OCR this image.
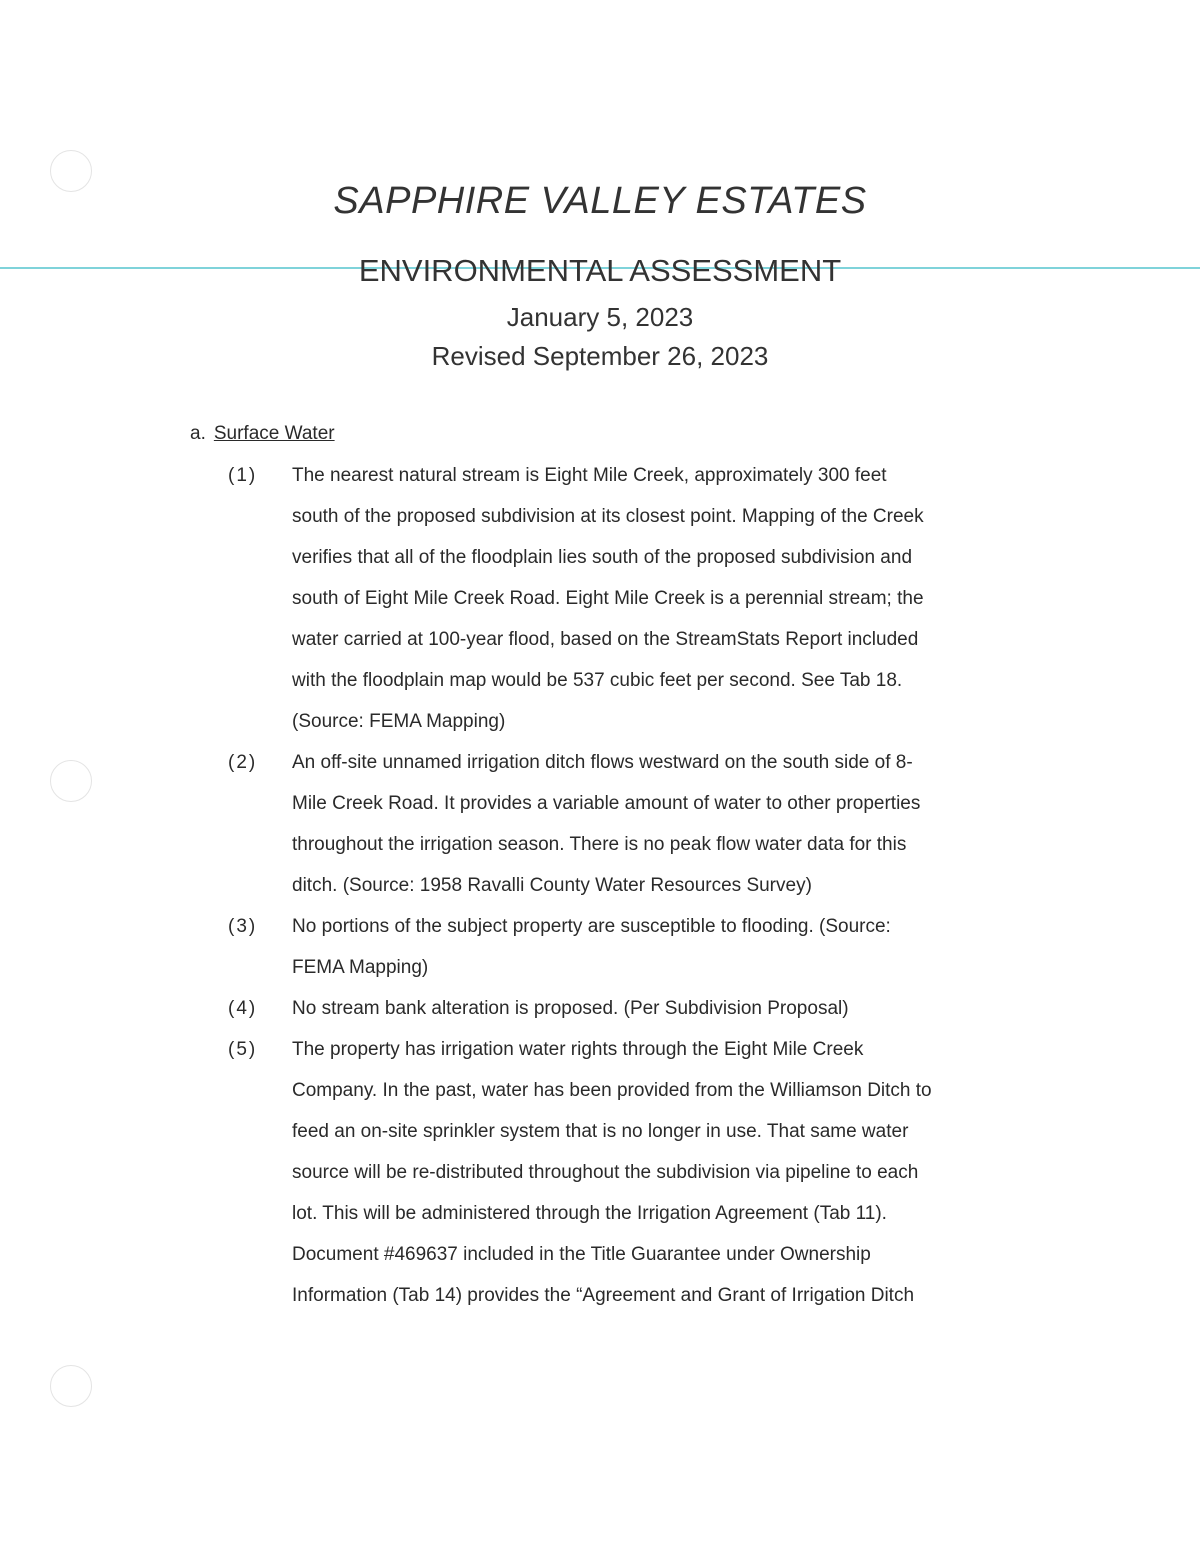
SAPPHIRE VALLEY ESTATES
ENVIRONMENTAL ASSESSMENT
January 5, 2023
Revised September 26, 2023
a. Surface Water
(1) The nearest natural stream is Eight Mile Creek, approximately 300 feet
south of the proposed subdivision at its closest point. Mapping of the Creek
verifies that all of the floodplain lies south of the proposed subdivision and
south of Eight Mile Creek Road. Eight Mile Creek is a perennial stream; the
water carried at 100-year flood, based on the StreamStats Report included
with the floodplain map would be 537 cubic feet per second. See Tab 18.
(Source: FEMA Mapping)
(2) An off-site unnamed irrigation ditch flows westward on the south side of 8-
Mile Creek Road. It provides a variable amount of water to other properties
throughout the irrigation season. There is no peak flow water data for this
ditch. (Source: 1958 Ravalli County Water Resources Survey)
(3) No portions of the subject property are susceptible to flooding. (Source:
FEMA Mapping)
(4) No stream bank alteration is proposed. (Per Subdivision Proposal)
(5) The property has irrigation water rights through the Eight Mile Creek
Company. In the past, water has been provided from the Williamson Ditch to
feed an on-site sprinkler system that is no longer in use. That same water
source will be re-distributed throughout the subdivision via pipeline to each
lot. This will be administered through the Irrigation Agreement (Tab 11).
Document #469637 included in the Title Guarantee under Ownership
Information (Tab 14) provides the “Agreement and Grant of Irrigation Ditch
